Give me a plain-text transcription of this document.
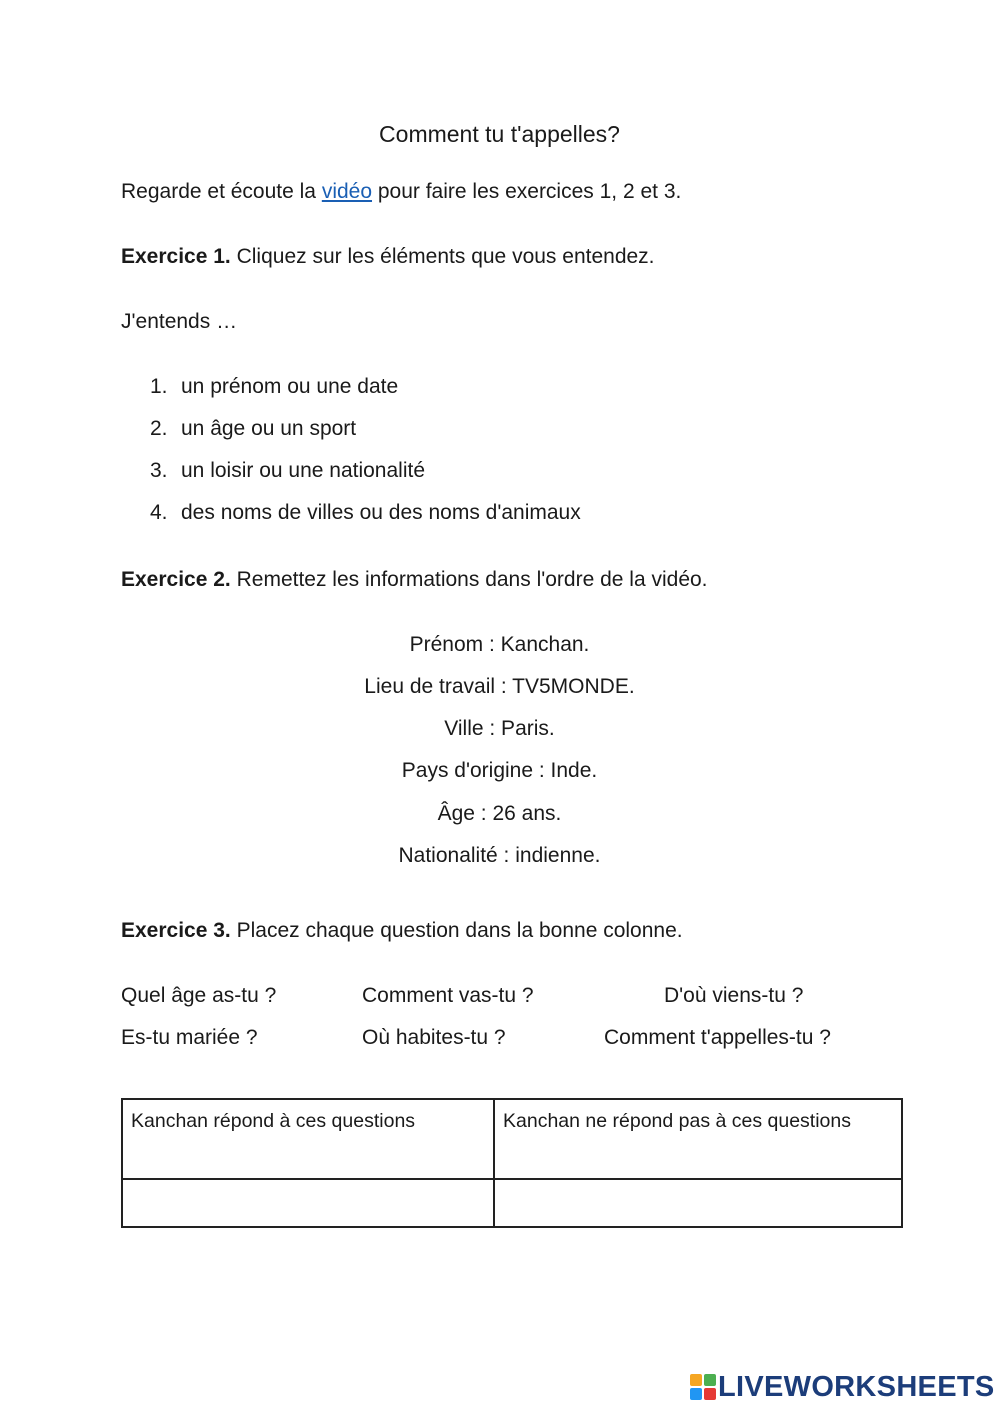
Comment tu t'appelles?
Regarde et écoute la vidéo pour faire les exercices 1, 2 et 3.
Exercice 1. Cliquez sur les éléments que vous entendez.
J'entends …
1. un prénom ou une date
2. un âge ou un sport
3. un loisir ou une nationalité
4. des noms de villes ou des noms d'animaux
Exercice 2. Remettez les informations dans l'ordre de la vidéo.
Prénom : Kanchan.
Lieu de travail : TV5MONDE.
Ville : Paris.
Pays d'origine : Inde.
Âge : 26 ans.
Nationalité : indienne.
Exercice 3. Placez chaque question dans la bonne colonne.
Quel âge as-tu ?	Comment vas-tu ?	D'où viens-tu ?
Es-tu mariée ?	Où habites-tu ?	Comment t'appelles-tu ?
Kanchan répond à ces questions	Kanchan ne répond pas à ces questions

LIVEWORKSHEETS
